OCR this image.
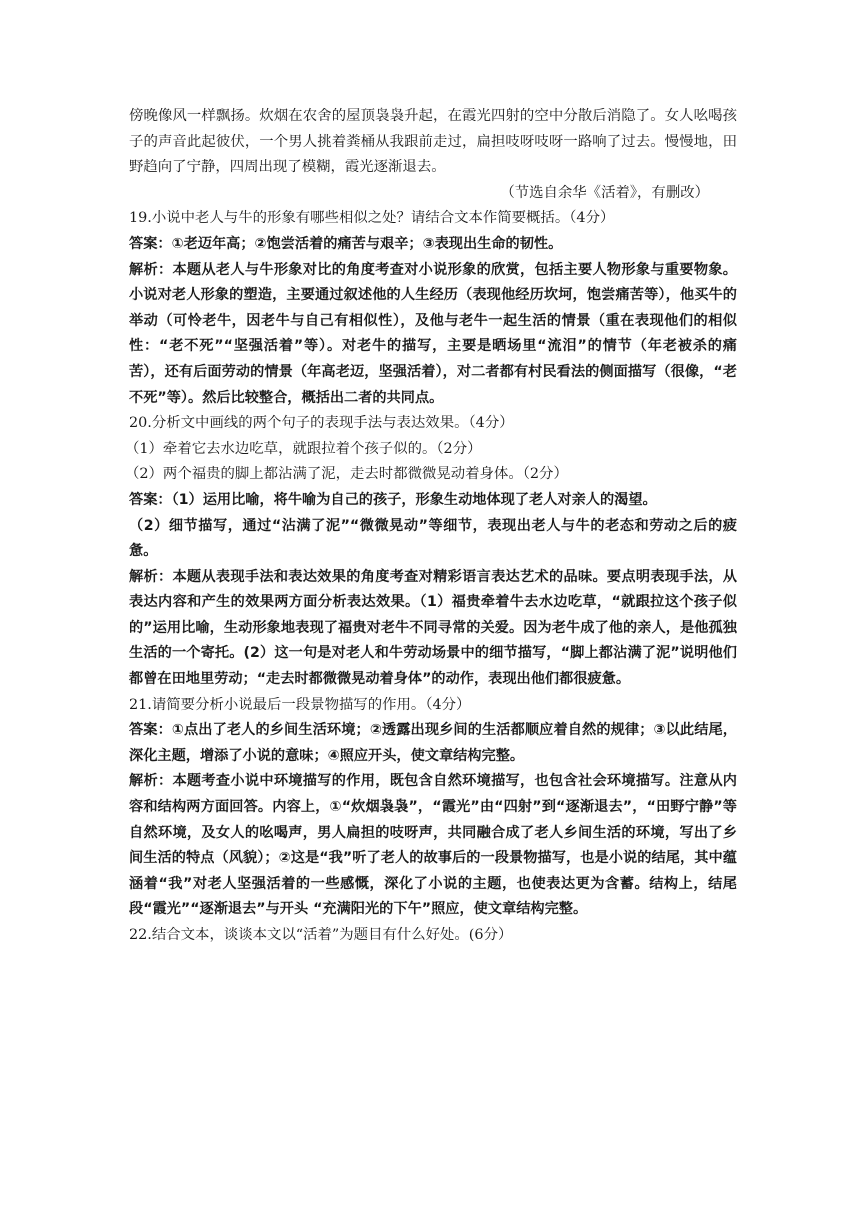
傍晚像风一样飘扬。炊烟在农舍的屋顶袅袅升起，在霞光四射的空中分散后消隐了。女人吆喝孩子的声音此起彼伏，一个男人挑着粪桶从我跟前走过，扁担吱呀吱呀一路响了过去。慢慢地，田野趋向了宁静，四周出现了模糊，霞光逐渐退去。

（节选自余华《活着》，有删改）

19.小说中老人与牛的形象有哪些相似之处？请结合文本作简要概括。（4分）

答案：①老迈年高；②饱尝活着的痛苦与艰辛；③表现出生命的韧性。

解析：本题从老人与牛形象对比的角度考查对小说形象的欣赏，包括主要人物形象与重要物象。小说对老人形象的塑造，主要通过叙述他的人生经历（表现他经历坎坷，饱尝痛苦等），他买牛的举动（可怜老牛，因老牛与自己有相似性），及他与老牛一起生活的情景（重在表现他们的相似性：“老不死”“坚强活着”等）。对老牛的描写，主要是晒场里“流泪”的情节（年老被杀的痛苦），还有后面劳动的情景（年高老迈，坚强活着），对二者都有村民看法的侧面描写（很像，“老不死”等）。然后比较整合，概括出二者的共同点。

20.分析文中画线的两个句子的表现手法与表达效果。（4分）

（1）牵着它去水边吃草，就跟拉着个孩子似的。（2分）

（2）两个福贵的脚上都沾满了泥，走去时都微微晃动着身体。（2分）

答案：（1）运用比喻，将牛喻为自己的孩子，形象生动地体现了老人对亲人的渴望。

（2）细节描写，通过“沾满了泥”“微微晃动”等细节，表现出老人与牛的老态和劳动之后的疲惫。

解析：本题从表现手法和表达效果的角度考查对精彩语言表达艺术的品味。要点明表现手法，从表达内容和产生的效果两方面分析表达效果。（1）福贵牵着牛去水边吃草，“就跟拉这个孩子似的”运用比喻，生动形象地表现了福贵对老牛不同寻常的关爱。因为老牛成了他的亲人，是他孤独生活的一个寄托。(2）这一句是对老人和牛劳动场景中的细节描写，“脚上都沾满了泥”说明他们都曾在田地里劳动；“走去时都微微晃动着身体”的动作，表现出他们都很疲惫。

21.请简要分析小说最后一段景物描写的作用。（4分）

答案：①点出了老人的乡间生活环境；②透露出现乡间的生活都顺应着自然的规律；③以此结尾，深化主题，增添了小说的意味；④照应开头，使文章结构完整。

解析：本题考查小说中环境描写的作用，既包含自然环境描写，也包含社会环境描写。注意从内容和结构两方面回答。内容上，①“炊烟袅袅”，“霞光”由“四射”到“逐渐退去”，“田野宁静”等自然环境，及女人的吆喝声，男人扁担的吱呀声，共同融合成了老人乡间生活的环境，写出了乡间生活的特点（风貌）；②这是“我”听了老人的故事后的一段景物描写，也是小说的结尾，其中蕴涵着“我”对老人坚强活着的一些感慨，深化了小说的主题，也使表达更为含蓄。结构上，结尾段“霞光”“逐渐退去”与开头 “充满阳光的下午”照应，使文章结构完整。

22.结合文本，谈谈本文以“活着”为题目有什么好处。(6分）
